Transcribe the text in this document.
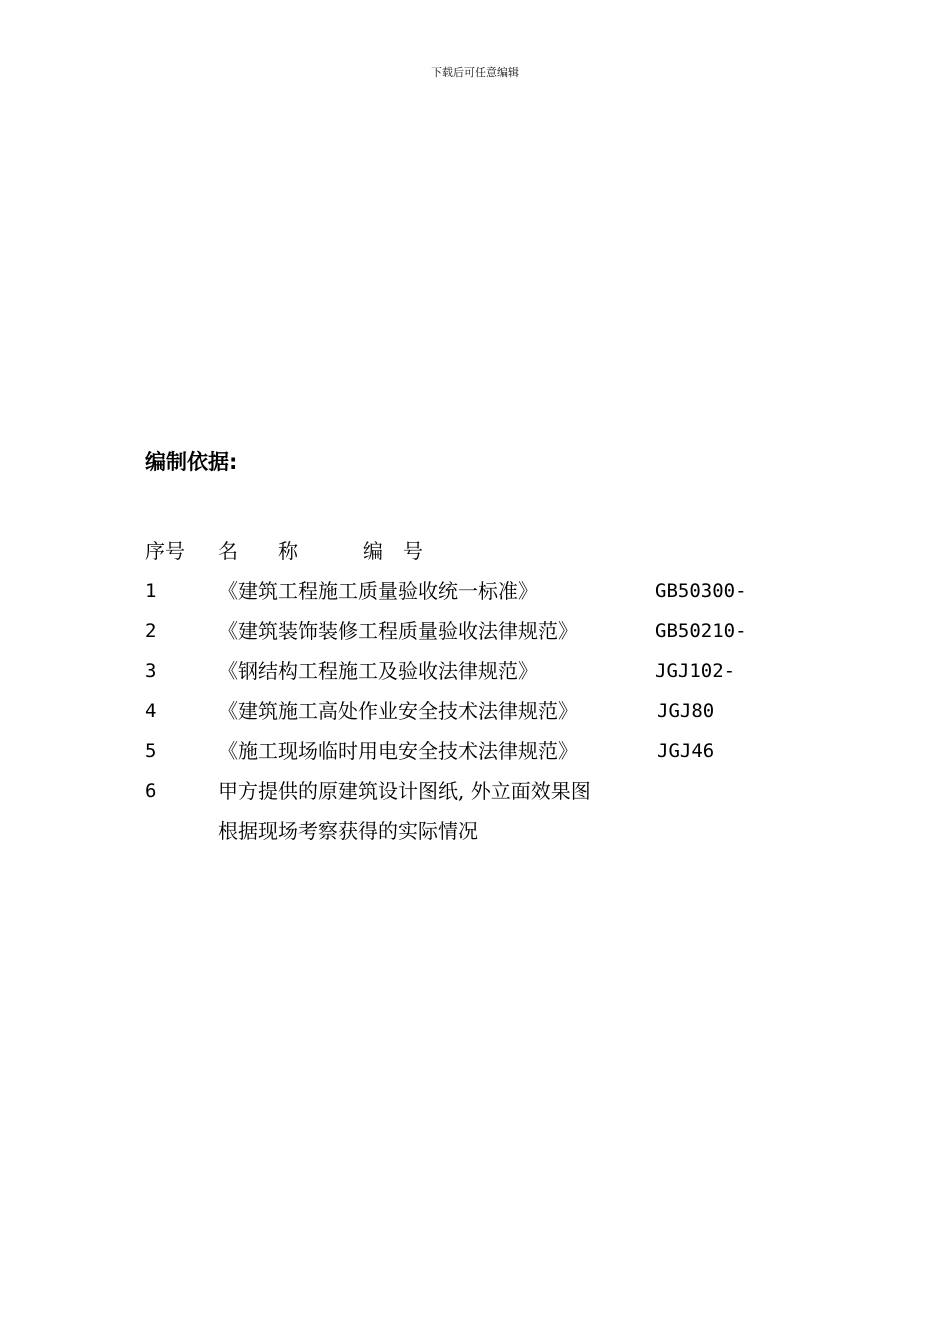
下载后可任意编辑
编制依据:
序号 名　　称	编　号
1	《建筑工程施工质量验收统一标准》	GB50300-
2	《建筑装饰装修工程质量验收法律规范》	GB50210-
3	《钢结构工程施工及验收法律规范》	JGJ102-
4	《建筑施工高处作业安全技术法律规范》	JGJ80
5	《施工现场临时用电安全技术法律规范》	JGJ46
6	甲方提供的原建筑设计图纸, 外立面效果图
根据现场考察获得的实际情况
